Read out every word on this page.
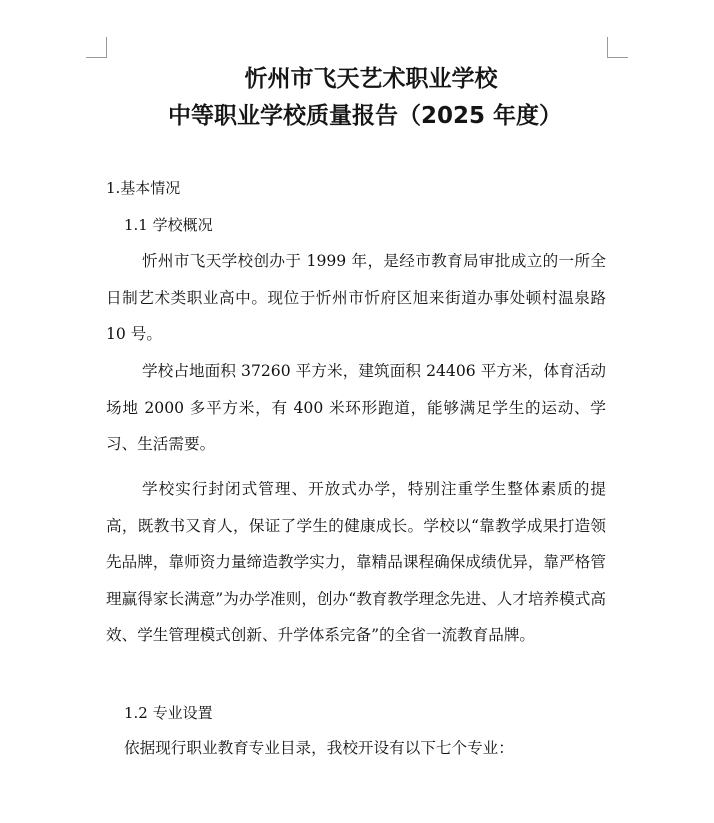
忻州市飞天艺术职业学校
中等职业学校质量报告（2025 年度）

1.基本情况

1.1 学校概况

忻州市飞天学校创办于 1999 年，是经市教育局审批成立的一所全日制艺术类职业高中。现位于忻州市忻府区旭来街道办事处顿村温泉路 10 号。

学校占地面积 37260 平方米，建筑面积 24406 平方米，体育活动场地 2000 多平方米，有 400 米环形跑道，能够满足学生的运动、学习、生活需要。

学校实行封闭式管理、开放式办学，特别注重学生整体素质的提高，既教书又育人，保证了学生的健康成长。学校以“靠教学成果打造领先品牌，靠师资力量缔造教学实力，靠精品课程确保成绩优异，靠严格管理赢得家长满意”为办学准则，创办“教育教学理念先进、人才培养模式高效、学生管理模式创新、升学体系完备”的全省一流教育品牌。

1.2 专业设置

依据现行职业教育专业目录，我校开设有以下七个专业：
